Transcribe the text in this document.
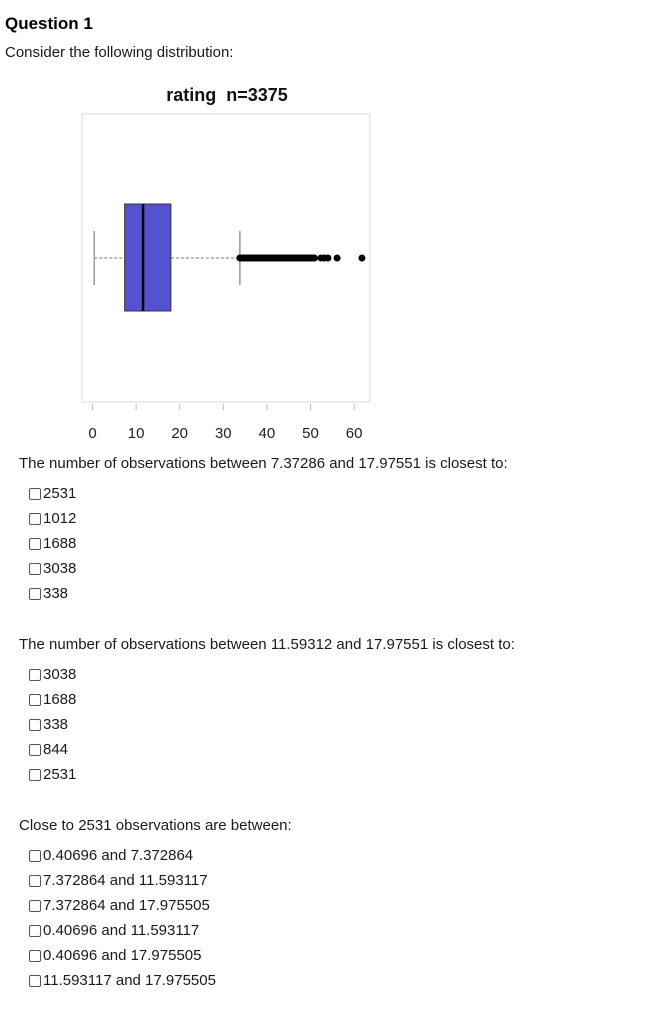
Question 1
Consider the following distribution:
rating  n=3375
0 10 20 30 40 50 60

The number of observations between 7.37286 and 17.97551 is closest to:

2531
1012
1688
3038
338

The number of observations between 11.59312 and 17.97551 is closest to:

3038
1688
338
844
2531

Close to 2531 observations are between:

0.40696 and 7.372864
7.372864 and 11.593117
7.372864 and 17.975505
0.40696 and 11.593117
0.40696 and 17.975505
11.593117 and 17.975505
